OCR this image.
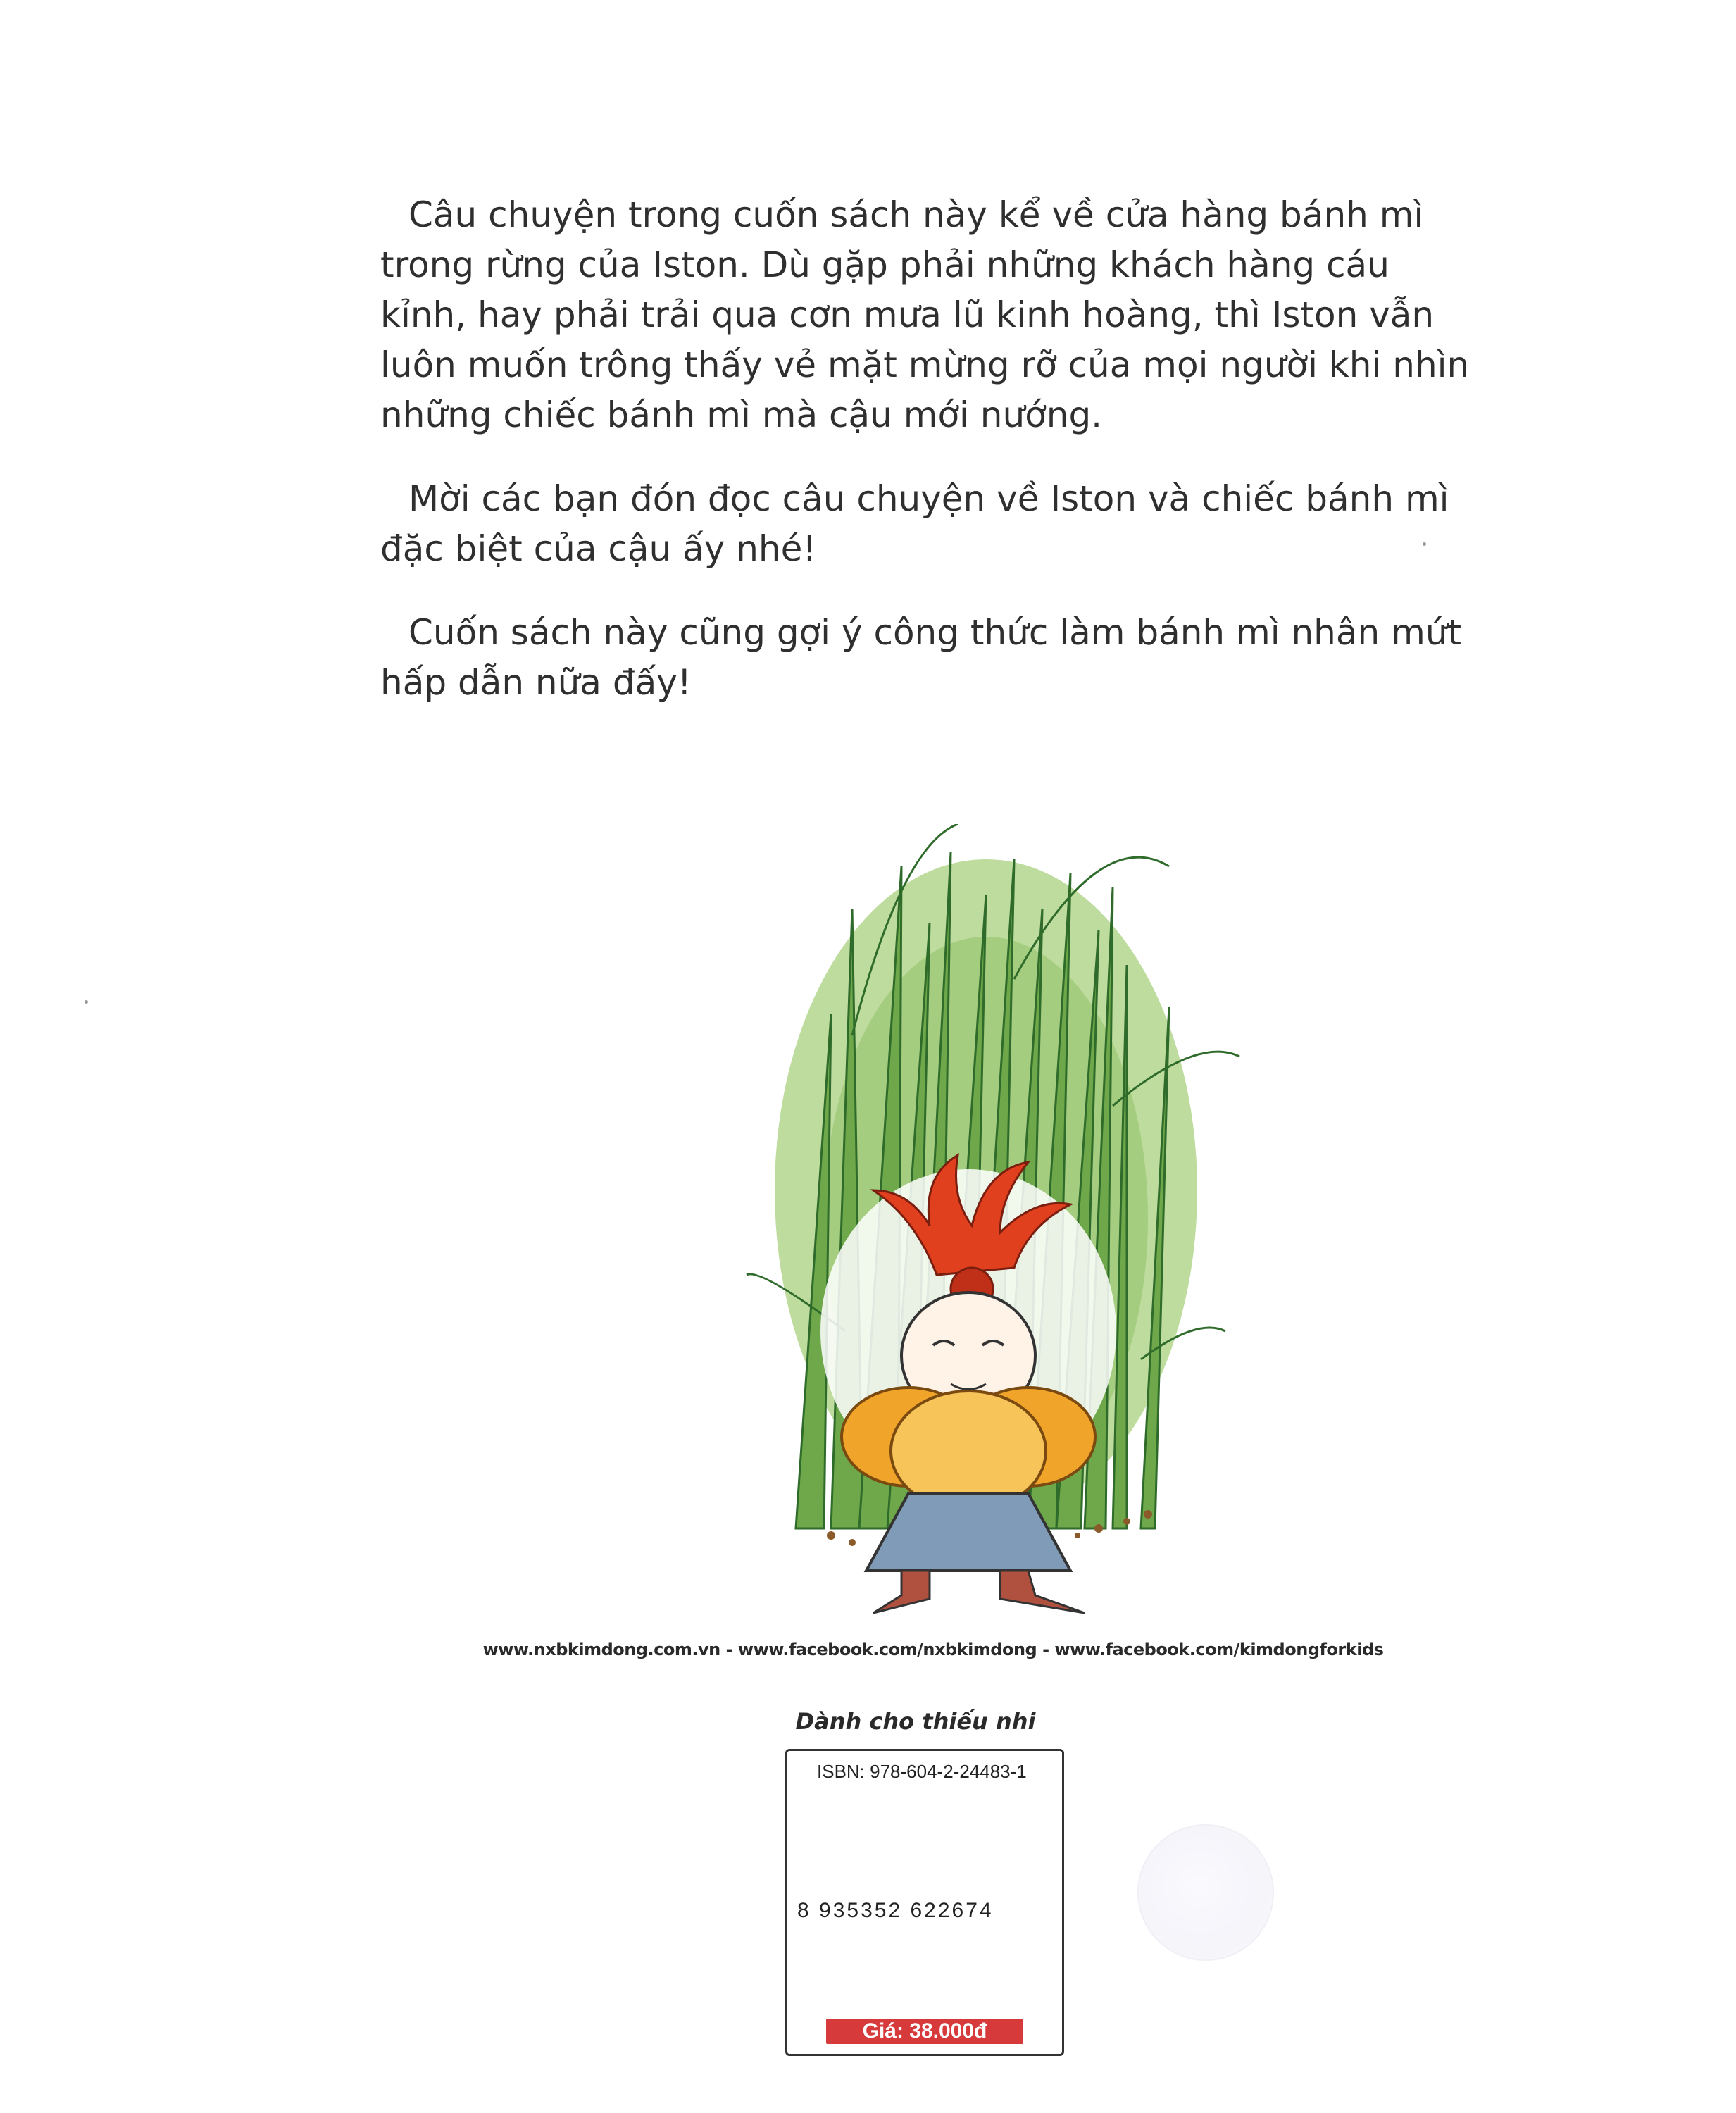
Câu chuyện trong cuốn sách này kể về cửa hàng bánh mì trong rừng của Iston. Dù gặp phải những khách hàng cáu kỉnh, hay phải trải qua cơn mưa lũ kinh hoàng, thì Iston vẫn luôn muốn trông thấy vẻ mặt mừng rỡ của mọi người khi nhìn những chiếc bánh mì mà cậu mới nướng.

Mời các bạn đón đọc câu chuyện về Iston và chiếc bánh mì đặc biệt của cậu ấy nhé!

Cuốn sách này cũng gợi ý công thức làm bánh mì nhân mứt hấp dẫn nữa đấy!

www.nxbkimdong.com.vn - www.facebook.com/nxbkimdong - www.facebook.com/kimdongforkids
Dành cho thiếu nhi
ISBN: 978-604-2-24483-1
8 935352 622674
Giá: 38.000đ
